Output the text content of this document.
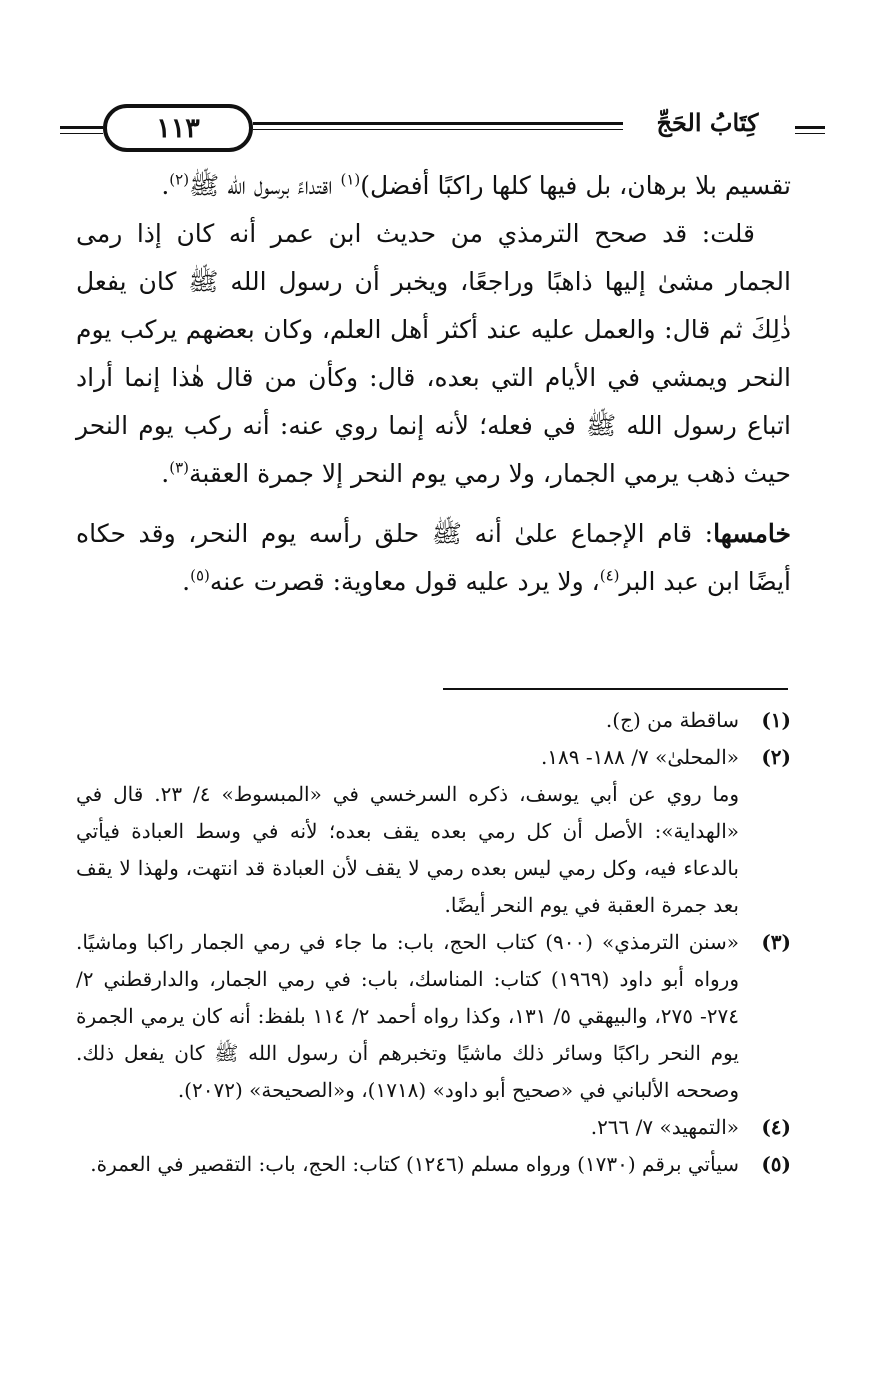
١١٣	كِتَابُ الحَجِّ

تقسيم بلا برهان، بل فيها كلها راكبًا أفضل)$^{(١)}$ اقتداءً برسول الله ﷺ$^{(٢)}$.

قلت: قد صحح الترمذي من حديث ابن عمر أنه كان إذا رمى الجمار مشىٰ إليها ذاهبًا وراجعًا، ويخبر أن رسول الله ﷺ كان يفعل ذٰلِكَ ثم قال: والعمل عليه عند أكثر أهل العلم، وكان بعضهم يركب يوم النحر ويمشي في الأيام التي بعده، قال: وكأن من قال هٰذا إنما أراد اتباع رسول الله ﷺ في فعله؛ لأنه إنما روي عنه: أنه ركب يوم النحر حيث ذهب يرمي الجمار، ولا رمي يوم النحر إلا جمرة العقبة$^{(٣)}$.

خامسها: قام الإجماع علىٰ أنه ﷺ حلق رأسه يوم النحر، وقد حكاه أيضًا ابن عبد البر$^{(٤)}$، ولا يرد عليه قول معاوية: قصرت عنه$^{(٥)}$.

(١)
ساقطة من (ج).
(٢)
«المحلىٰ» ٧/ ١٨٨- ١٨٩.
وما روي عن أبي يوسف، ذكره السرخسي في «المبسوط» ٤/ ٢٣. قال في «الهداية»: الأصل أن كل رمي بعده يقف بعده؛ لأنه في وسط العبادة فيأتي بالدعاء فيه، وكل رمي ليس بعده رمي لا يقف لأن العبادة قد انتهت، ولهذا لا يقف بعد جمرة العقبة في يوم النحر أيضًا.
(٣)
«سنن الترمذي» (٩٠٠) كتاب الحج، باب: ما جاء في رمي الجمار راكبا وماشيًا. ورواه أبو داود (١٩٦٩) كتاب: المناسك، باب: في رمي الجمار، والدارقطني ٢/ ٢٧٤- ٢٧٥، والبيهقي ٥/ ١٣١، وكذا رواه أحمد ٢/ ١١٤ بلفظ: أنه كان يرمي الجمرة يوم النحر راكبًا وسائر ذلك ماشيًا وتخبرهم أن رسول الله ﷺ كان يفعل ذلك. وصححه الألباني في «صحيح أبو داود» (١٧١٨)، و«الصحيحة» (٢٠٧٢).
(٤)
«التمهيد» ٧/ ٢٦٦.
(٥)
سيأتي برقم (١٧٣٠) ورواه مسلم (١٢٤٦) كتاب: الحج، باب: التقصير في العمرة.
